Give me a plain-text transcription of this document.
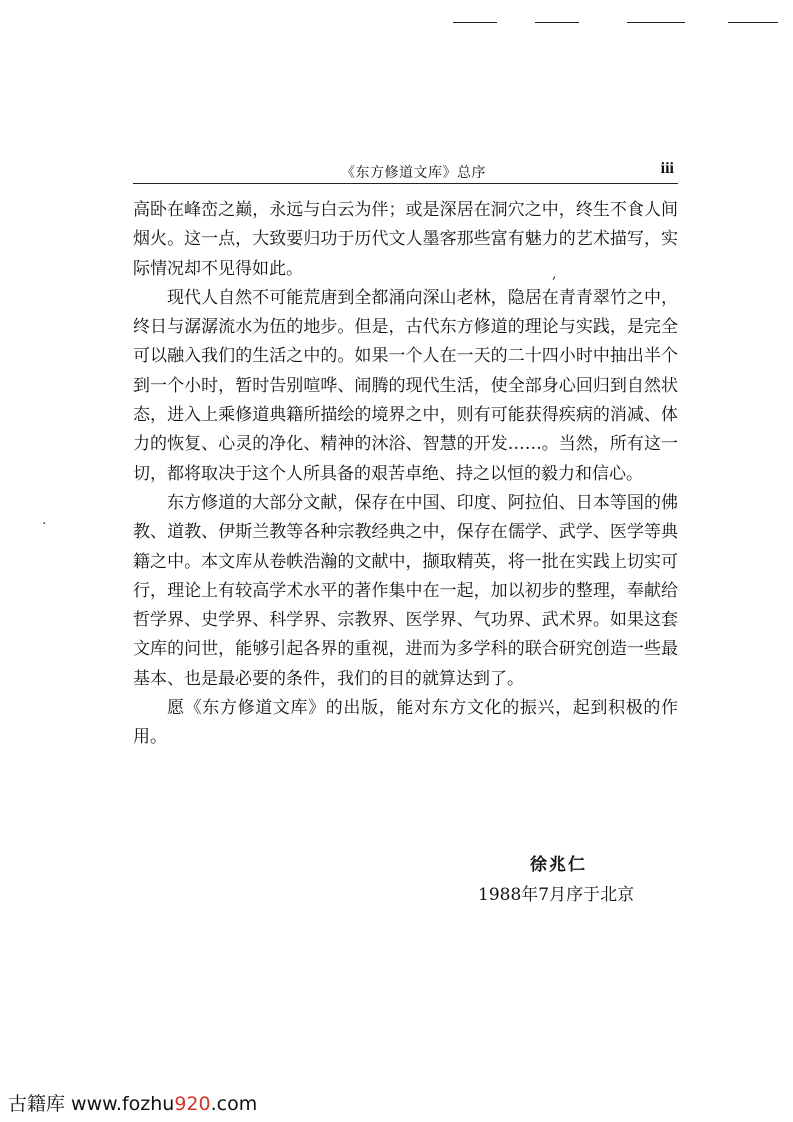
《东方修道文库》总序	iii

高卧在峰峦之巅，永远与白云为伴；或是深居在洞穴之中，终生不食人间烟火。这一点，大致要归功于历代文人墨客那些富有魅力的艺术描写，实际情况却不见得如此。

现代人自然不可能荒唐到全都涌向深山老林，隐居在青青翠竹之中，终日与潺潺流水为伍的地步。但是，古代东方修道的理论与实践，是完全可以融入我们的生活之中的。如果一个人在一天的二十四小时中抽出半个到一个小时，暂时告别喧哗、闹腾的现代生活，使全部身心回归到自然状态，进入上乘修道典籍所描绘的境界之中，则有可能获得疾病的消减、体力的恢复、心灵的净化、精神的沐浴、智慧的开发……。当然，所有这一切，都将取决于这个人所具备的艰苦卓绝、持之以恒的毅力和信心。

东方修道的大部分文献，保存在中国、印度、阿拉伯、日本等国的佛教、道教、伊斯兰教等各种宗教经典之中，保存在儒学、武学、医学等典籍之中。本文库从卷帙浩瀚的文献中，撷取精英，将一批在实践上切实可行，理论上有较高学术水平的著作集中在一起，加以初步的整理，奉献给哲学界、史学界、科学界、宗教界、医学界、气功界、武术界。如果这套文库的问世，能够引起各界的重视，进而为多学科的联合研究创造一些最基本、也是最必要的条件，我们的目的就算达到了。

愿《东方修道文库》的出版，能对东方文化的振兴，起到积极的作用。

,
.
徐兆仁
1988年7月序于北京
古籍库 www.fozhu920.com
